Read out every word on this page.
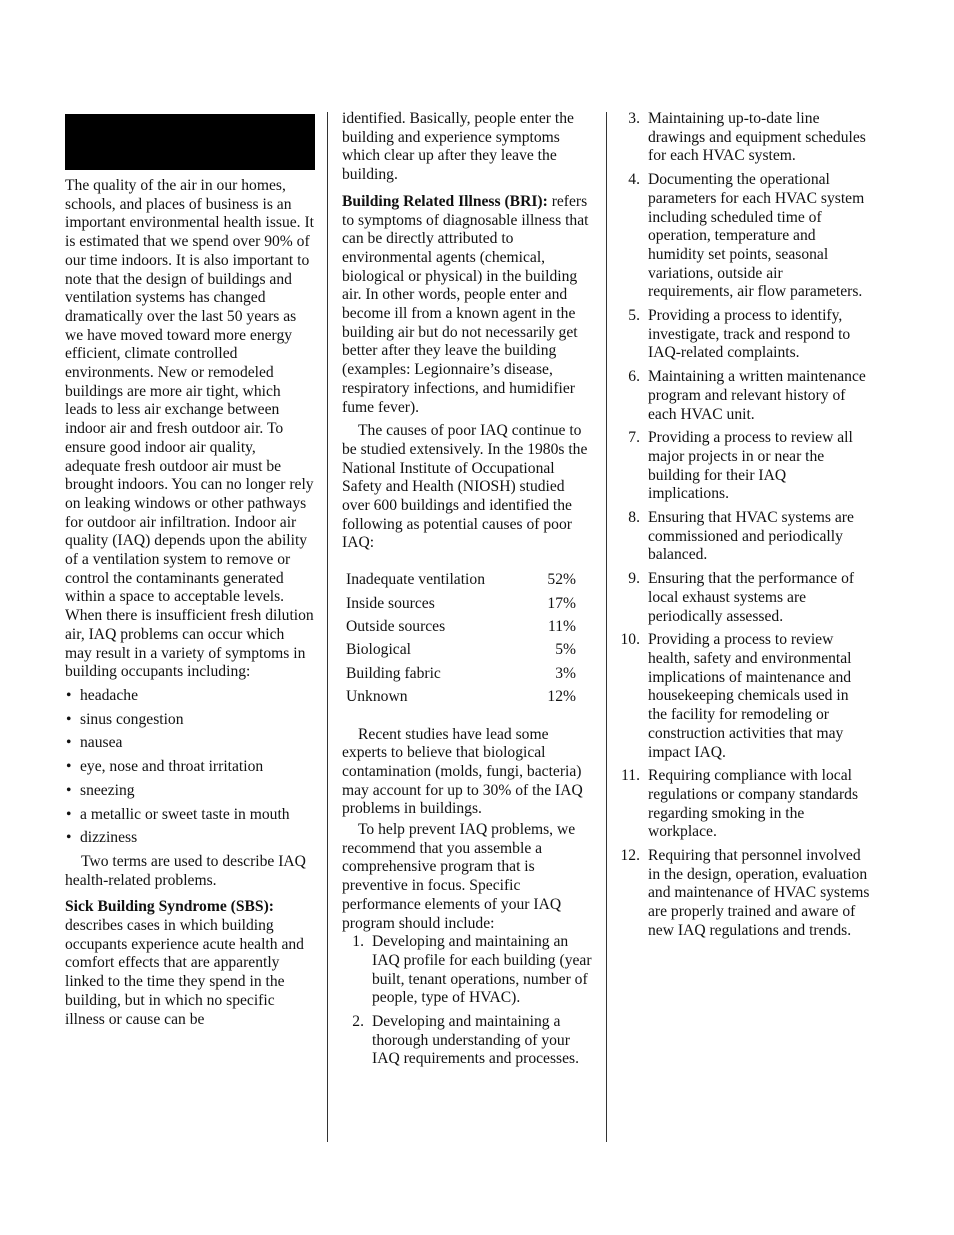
The quality of the air in our homes, schools, and places of business is an important environmental health issue. It is estimated that we spend over 90% of our time indoors. It is also important to note that the design of buildings and ventilation systems has changed dramatically over the last 50 years as we have moved toward more energy efficient, climate controlled environments. New or remodeled buildings are more air tight, which leads to less air exchange between indoor air and fresh outdoor air. To ensure good indoor air quality, adequate fresh outdoor air must be brought indoors. You can no longer rely on leaking windows or other pathways for outdoor air infiltration. Indoor air quality (IAQ) depends upon the ability of a ventilation system to remove or control the contaminants generated within a space to acceptable levels. When there is insufficient fresh dilution air, IAQ problems can occur which may result in a variety of symptoms in building occupants including:

• headache
• sinus congestion
• nausea
• eye, nose and throat irritation
• sneezing
• a metallic or sweet taste in mouth
• dizziness

Two terms are used to describe IAQ health-related problems.

Sick Building Syndrome (SBS): describes cases in which building occupants experience acute health and comfort effects that are apparently linked to the time they spend in the building, but in which no specific illness or cause can be

identified. Basically, people enter the building and experience symptoms which clear up after they leave the building.

Building Related Illness (BRI): refers to symptoms of diagnosable illness that can be directly attributed to environmental agents (chemical, biological or physical) in the building air. In other words, people enter and become ill from a known agent in the building air but do not necessarily get better after they leave the building (examples: Legionnaire’s disease, respiratory infections, and humidifier fume fever).

The causes of poor IAQ continue to be studied extensively. In the 1980s the National Institute of Occupational Safety and Health (NIOSH) studied over 600 buildings and identified the following as potential causes of poor IAQ:

Inadequate ventilation	52%
Inside sources	17%
Outside sources	11%
Biological	5%
Building fabric	3%
Unknown	12%

Recent studies have lead some experts to believe that biological contamination (molds, fungi, bacteria) may account for up to 30% of the IAQ problems in buildings.

To help prevent IAQ problems, we recommend that you assemble a comprehensive program that is preventive in focus. Specific performance elements of your IAQ program should include:

1. Developing and maintaining an IAQ profile for each building (year built, tenant operations, number of people, type of HVAC).
2. Developing and maintaining a thorough understanding of your IAQ requirements and processes.
3. Maintaining up-to-date line drawings and equipment schedules for each HVAC system.
4. Documenting the operational parameters for each HVAC system including scheduled time of operation, temperature and humidity set points, seasonal variations, outside air requirements, air flow parameters.
5. Providing a process to identify, investigate, track and respond to IAQ-related complaints.
6. Maintaining a written maintenance program and relevant history of each HVAC unit.
7. Providing a process to review all major projects in or near the building for their IAQ implications.
8. Ensuring that HVAC systems are commissioned and periodically balanced.
9. Ensuring that the performance of local exhaust systems are periodically assessed.
10. Providing a process to review health, safety and environmental implications of maintenance and housekeeping chemicals used in the facility for remodeling or construction activities that may impact IAQ.
11. Requiring compliance with local regulations or company standards regarding smoking in the workplace.
12. Requiring that personnel involved in the design, operation, evaluation and maintenance of HVAC systems are properly trained and aware of new IAQ regulations and trends.
